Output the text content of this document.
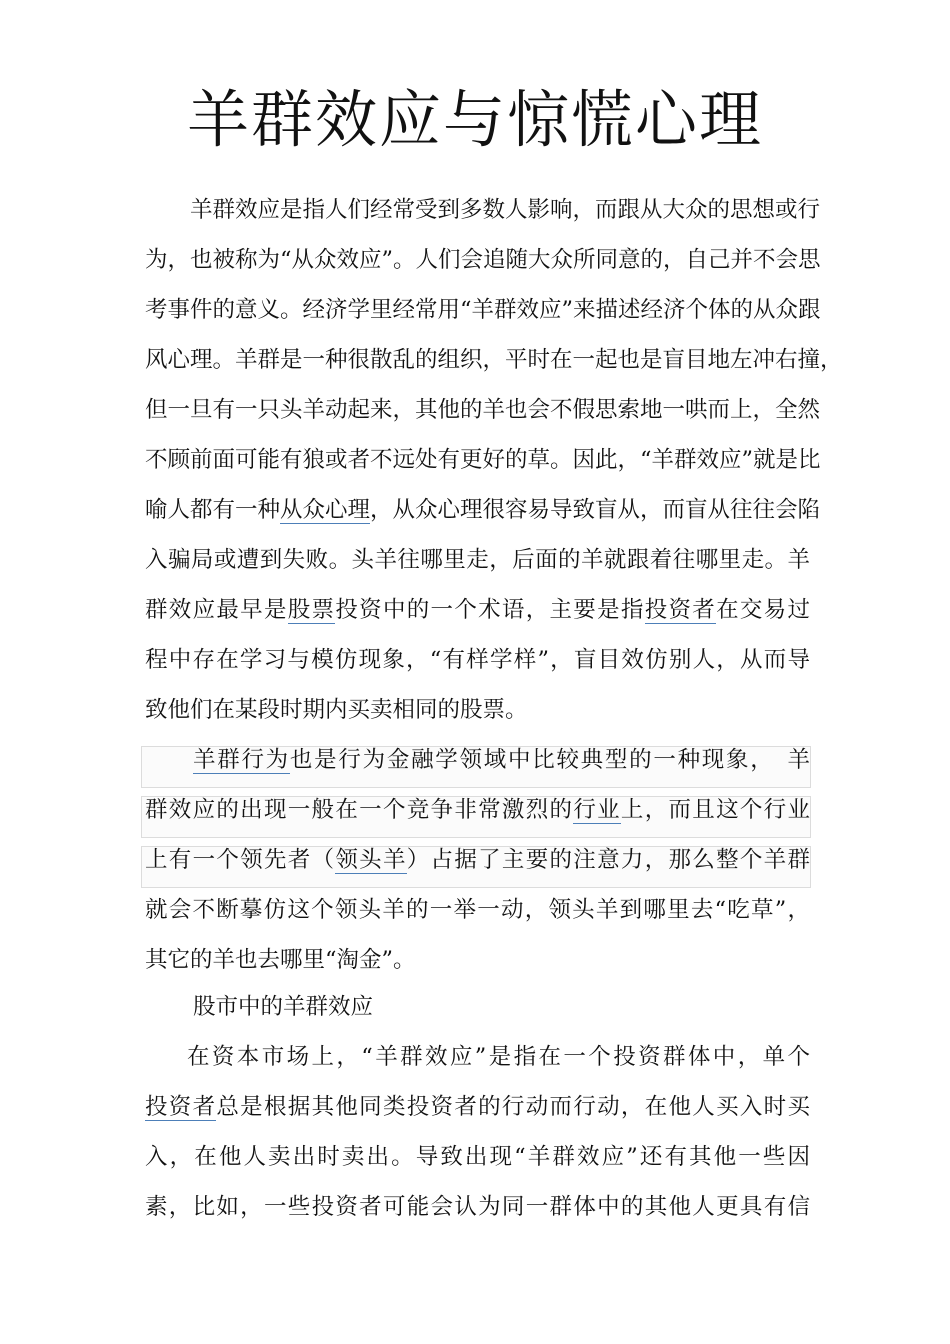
羊群效应与惊慌心理
羊群效应是指人们经常受到多数人影响，而跟从大众的思想或行
为，也被称为“从众效应”。人们会追随大众所同意的，自己并不会思
考事件的意义。经济学里经常用“羊群效应”来描述经济个体的从众跟
风心理。羊群是一种很散乱的组织，平时在一起也是盲目地左冲右撞，
但一旦有一只头羊动起来，其他的羊也会不假思索地一哄而上，全然
不顾前面可能有狼或者不远处有更好的草。因此，“羊群效应”就是比
喻人都有一种从众心理，从众心理很容易导致盲从，而盲从往往会陷
入骗局或遭到失败。头羊往哪里走，后面的羊就跟着往哪里走。羊
群效应最早是股票投资中的一个术语，主要是指投资者在交易过
程中存在学习与模仿现象，“有样学样”，盲目效仿别人，从而导
致他们在某段时期内买卖相同的股票。
羊群行为也是行为金融学领域中比较典型的一种现象，　羊
群效应的出现一般在一个竞争非常激烈的行业上，而且这个行业
上有一个领先者（领头羊）占据了主要的注意力，那么整个羊群
就会不断摹仿这个领头羊的一举一动，领头羊到哪里去“吃草”，
其它的羊也去哪里“淘金”。
股市中的羊群效应
在资本市场上，“羊群效应”是指在一个投资群体中，单个
投资者总是根据其他同类投资者的行动而行动，在他人买入时买
入，在他人卖出时卖出。导致出现“羊群效应”还有其他一些因
素，比如，一些投资者可能会认为同一群体中的其他人更具有信
